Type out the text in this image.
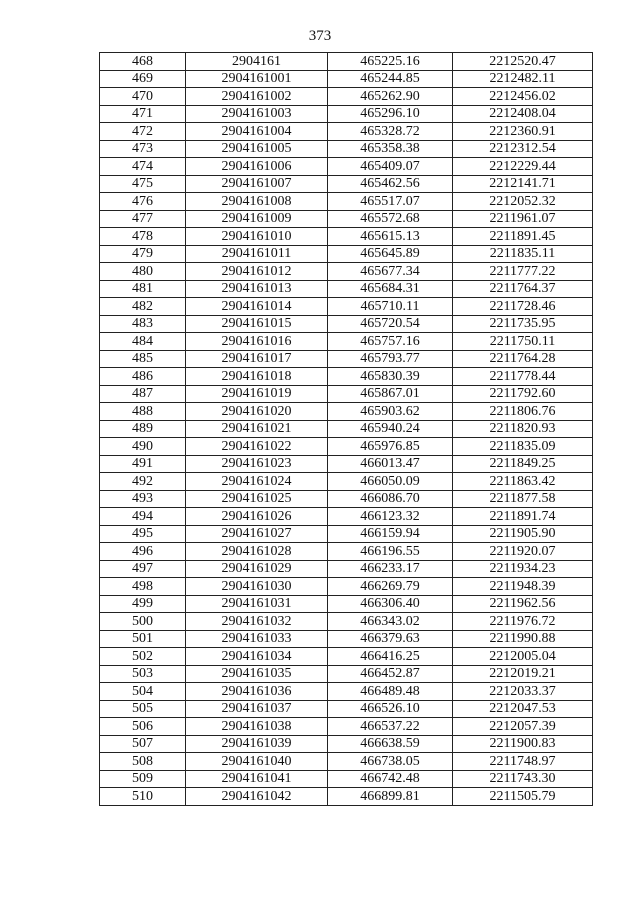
373
468	2904161	465225.16	2212520.47
469	2904161001	465244.85	2212482.11
470	2904161002	465262.90	2212456.02
471	2904161003	465296.10	2212408.04
472	2904161004	465328.72	2212360.91
473	2904161005	465358.38	2212312.54
474	2904161006	465409.07	2212229.44
475	2904161007	465462.56	2212141.71
476	2904161008	465517.07	2212052.32
477	2904161009	465572.68	2211961.07
478	2904161010	465615.13	2211891.45
479	2904161011	465645.89	2211835.11
480	2904161012	465677.34	2211777.22
481	2904161013	465684.31	2211764.37
482	2904161014	465710.11	2211728.46
483	2904161015	465720.54	2211735.95
484	2904161016	465757.16	2211750.11
485	2904161017	465793.77	2211764.28
486	2904161018	465830.39	2211778.44
487	2904161019	465867.01	2211792.60
488	2904161020	465903.62	2211806.76
489	2904161021	465940.24	2211820.93
490	2904161022	465976.85	2211835.09
491	2904161023	466013.47	2211849.25
492	2904161024	466050.09	2211863.42
493	2904161025	466086.70	2211877.58
494	2904161026	466123.32	2211891.74
495	2904161027	466159.94	2211905.90
496	2904161028	466196.55	2211920.07
497	2904161029	466233.17	2211934.23
498	2904161030	466269.79	2211948.39
499	2904161031	466306.40	2211962.56
500	2904161032	466343.02	2211976.72
501	2904161033	466379.63	2211990.88
502	2904161034	466416.25	2212005.04
503	2904161035	466452.87	2212019.21
504	2904161036	466489.48	2212033.37
505	2904161037	466526.10	2212047.53
506	2904161038	466537.22	2212057.39
507	2904161039	466638.59	2211900.83
508	2904161040	466738.05	2211748.97
509	2904161041	466742.48	2211743.30
510	2904161042	466899.81	2211505.79
